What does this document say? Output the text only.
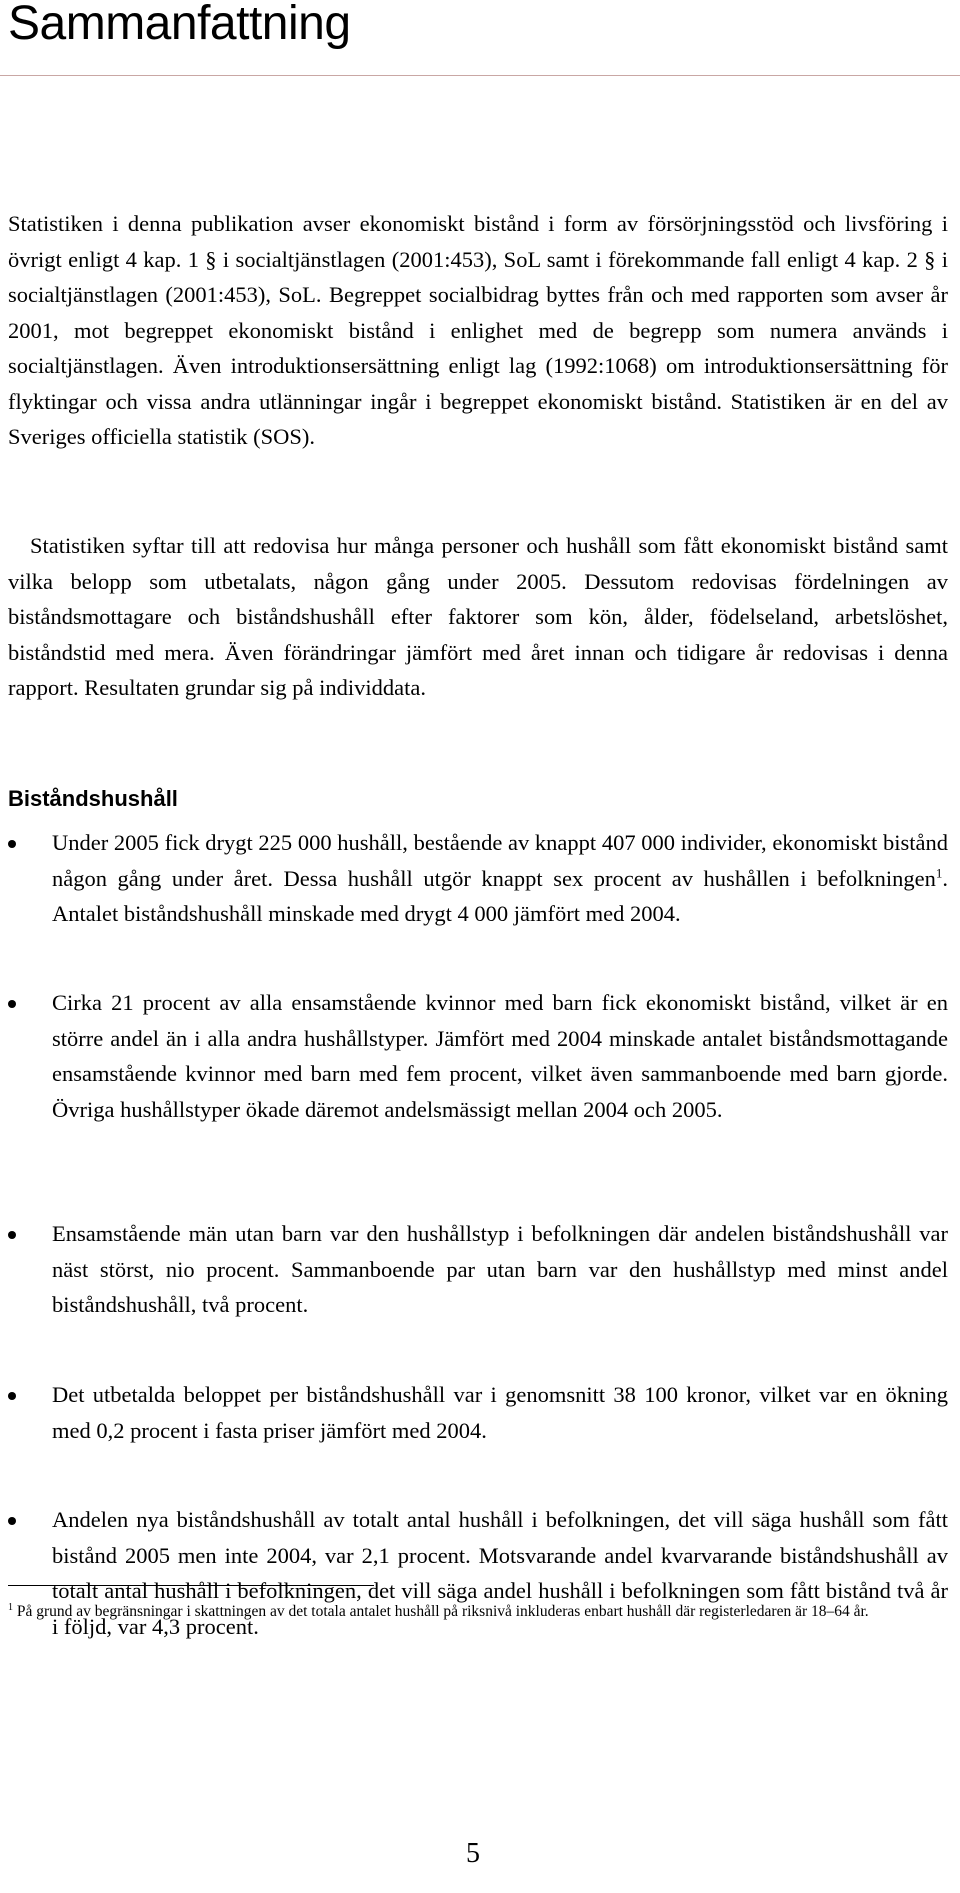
Sammanfattning

Statistiken i denna publikation avser ekonomiskt bistånd i form av försörjningsstöd och livsföring i övrigt enligt 4 kap. 1 § i socialtjänstlagen (2001:453), SoL samt i förekommande fall enligt 4 kap. 2 § i socialtjänstlagen (2001:453), SoL. Begreppet socialbidrag byttes från och med rapporten som avser år 2001, mot begreppet ekonomiskt bistånd i enlighet med de begrepp som numera används i socialtjänstlagen. Även introduktionsersättning enligt lag (1992:1068) om introduktionsersättning för flyktingar och vissa andra utlänningar ingår i begreppet ekonomiskt bistånd. Statistiken är en del av Sveriges officiella statistik (SOS).

Statistiken syftar till att redovisa hur många personer och hushåll som fått ekonomiskt bistånd samt vilka belopp som utbetalats, någon gång under 2005. Dessutom redovisas fördelningen av biståndsmottagare och biståndshushåll efter faktorer som kön, ålder, födelseland, arbetslöshet, biståndstid med mera. Även förändringar jämfört med året innan och tidigare år redovisas i denna rapport. Resultaten grundar sig på individdata.

Biståndshushåll

Under 2005 fick drygt 225 000 hushåll, bestående av knappt 407 000 individer, ekonomiskt bistånd någon gång under året. Dessa hushåll utgör knappt sex procent av hushållen i befolkningen$^1$. Antalet biståndshushåll minskade med drygt 4 000 jämfört med 2004.

Cirka 21 procent av alla ensamstående kvinnor med barn fick ekonomiskt bistånd, vilket är en större andel än i alla andra hushållstyper. Jämfört med 2004 minskade antalet biståndsmottagande ensamstående kvinnor med barn med fem procent, vilket även sammanboende med barn gjorde. Övriga hushållstyper ökade däremot andelsmässigt mellan 2004 och 2005.

Ensamstående män utan barn var den hushållstyp i befolkningen där andelen biståndshushåll var näst störst, nio procent. Sammanboende par utan barn var den hushållstyp med minst andel biståndshushåll, två procent.

Det utbetalda beloppet per biståndshushåll var i genomsnitt 38 100 kronor, vilket var en ökning med 0,2 procent i fasta priser jämfört med 2004.

Andelen nya biståndshushåll av totalt antal hushåll i befolkningen, det vill säga hushåll som fått bistånd 2005 men inte 2004, var 2,1 procent. Motsvarande andel kvarvarande biståndshushåll av totalt antal hushåll i befolkningen, det vill säga andel hushåll i befolkningen som fått bistånd två år i följd, var 4,3 procent.

$^1$ På grund av begränsningar i skattningen av det totala antalet hushåll på riksnivå inkluderas enbart hushåll där registerledaren är 18–64 år.

5
